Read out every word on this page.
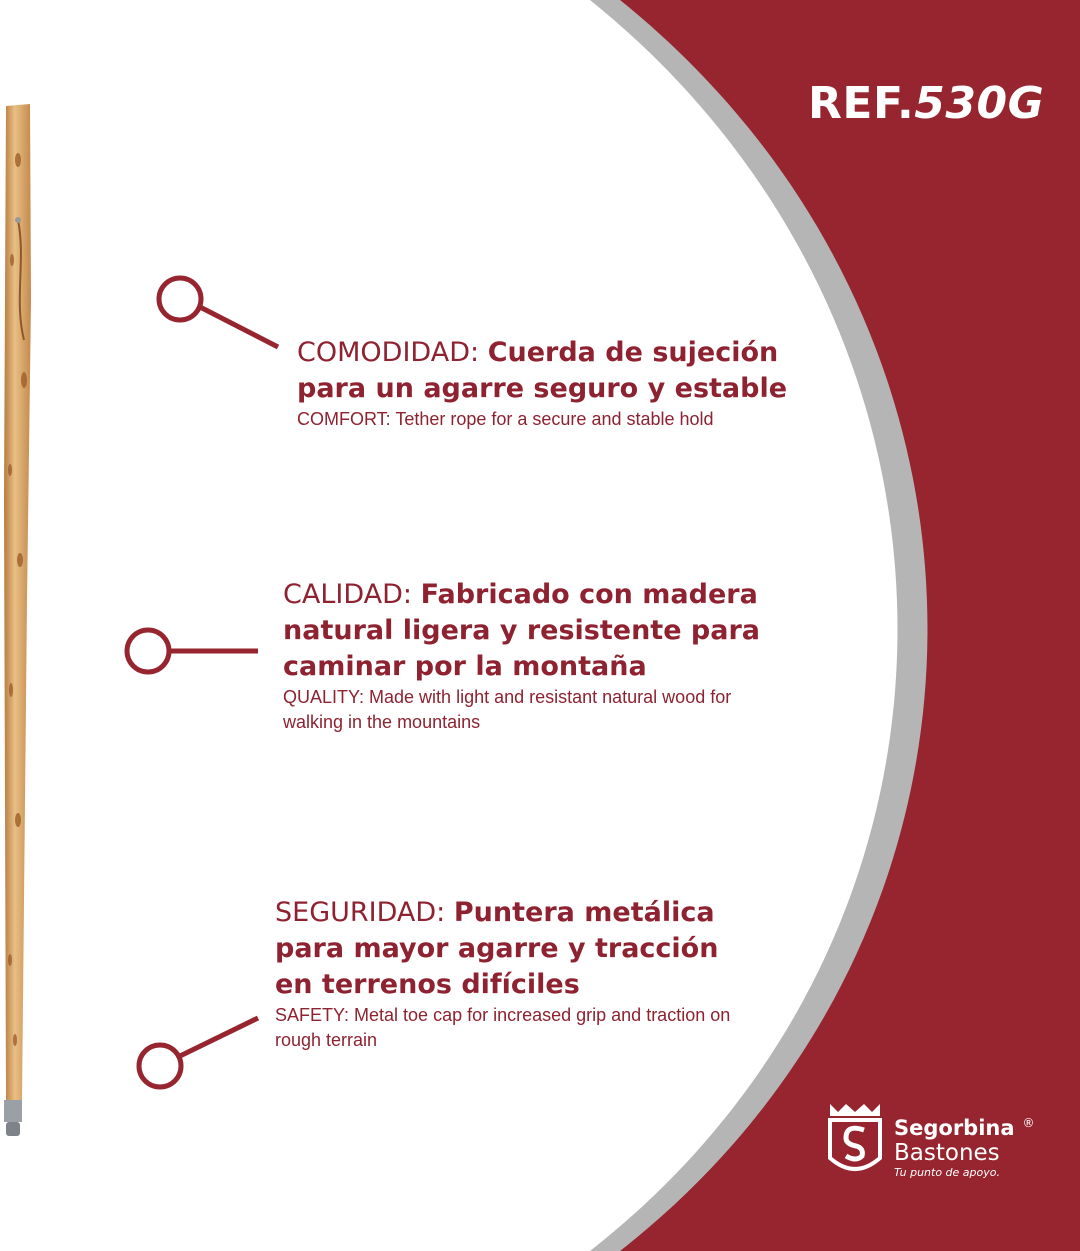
REF.530G
COMODIDAD: Cuerda de sujeción para un agarre seguro y estable
COMFORT: Tether rope for a secure and stable hold
CALIDAD: Fabricado con madera natural ligera y resistente para caminar por la montaña
QUALITY: Made with light and resistant natural wood for walking in the mountains
SEGURIDAD: Puntera metálica para mayor agarre y tracción en terrenos difíciles
SAFETY: Metal toe cap for increased grip and traction on rough terrain
Segorbina ®
Bastones
Tu punto de apoyo.
